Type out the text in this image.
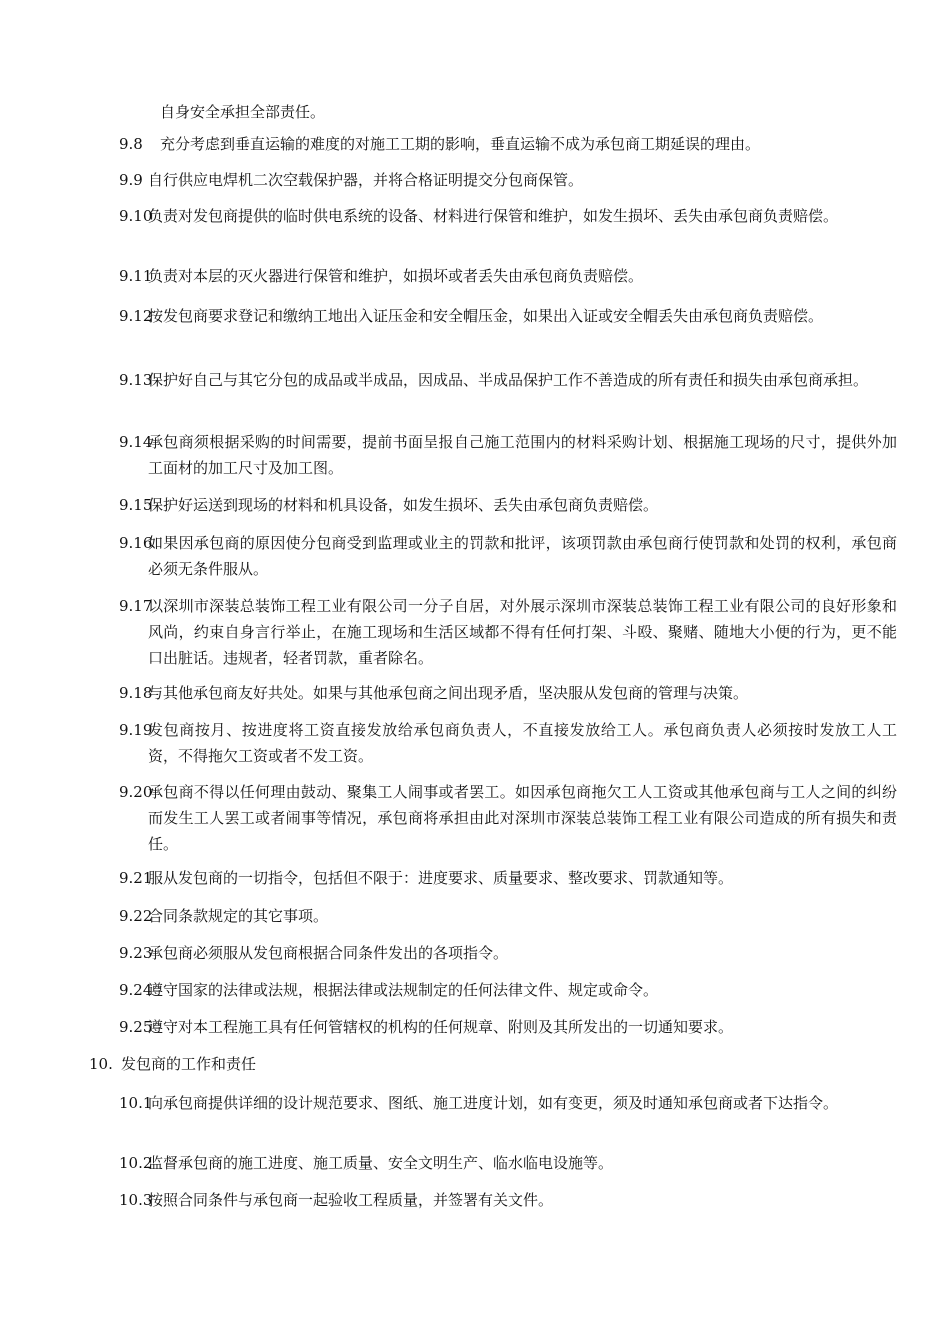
自身安全承担全部责任。
9.8	充分考虑到垂直运输的难度的对施工工期的影响，垂直运输不成为承包商工期延误的理由。
9.9 自行供应电焊机二次空载保护器，并将合格证明提交分包商保管。
9.10
负责对发包商提供的临时供电系统的设备、材料进行保管和维护，如发生损坏、丢失由承包商负责赔偿。
9.11
负责对本层的灭火器进行保管和维护，如损坏或者丢失由承包商负责赔偿。
9.12
按发包商要求登记和缴纳工地出入证压金和安全帽压金，如果出入证或安全帽丢失由承包商负责赔偿。
9.13
保护好自己与其它分包的成品或半成品，因成品、半成品保护工作不善造成的所有责任和损失由承包商承担。
9.14
承包商须根据采购的时间需要，提前书面呈报自己施工范围内的材料采购计划、根据施工现场的尺寸，提供外加工面材的加工尺寸及加工图。
9.15
保护好运送到现场的材料和机具设备，如发生损坏、丢失由承包商负责赔偿。
9.16
如果因承包商的原因使分包商受到监理或业主的罚款和批评，该项罚款由承包商行使罚款和处罚的权利，承包商必须无条件服从。
9.17
以深圳市深装总装饰工程工业有限公司一分子自居，对外展示深圳市深装总装饰工程工业有限公司的良好形象和风尚，约束自身言行举止，在施工现场和生活区域都不得有任何打架、斗殴、聚赌、随地大小便的行为，更不能口出脏话。违规者，轻者罚款，重者除名。
9.18
与其他承包商友好共处。如果与其他承包商之间出现矛盾，坚决服从发包商的管理与决策。
9.19
发包商按月、按进度将工资直接发放给承包商负责人，不直接发放给工人。承包商负责人必须按时发放工人工资，不得拖欠工资或者不发工资。
9.20
承包商不得以任何理由鼓动、聚集工人闹事或者罢工。如因承包商拖欠工人工资或其他承包商与工人之间的纠纷而发生工人罢工或者闹事等情况，承包商将承担由此对深圳市深装总装饰工程工业有限公司造成的所有损失和责任。
9.21
服从发包商的一切指令，包括但不限于：进度要求、质量要求、整改要求、罚款通知等。
9.22
合同条款规定的其它事项。
9.23
承包商必须服从发包商根据合同条件发出的各项指令。
9.24
遵守国家的法律或法规，根据法律或法规制定的任何法律文件、规定或命令。
9.25
遵守对本工程施工具有任何管辖权的机构的任何规章、附则及其所发出的一切通知要求。
10. 发包商的工作和责任
10.1
向承包商提供详细的设计规范要求、图纸、施工进度计划，如有变更，须及时通知承包商或者下达指令。
10.2
监督承包商的施工进度、施工质量、安全文明生产、临水临电设施等。
10.3
按照合同条件与承包商一起验收工程质量，并签署有关文件。
